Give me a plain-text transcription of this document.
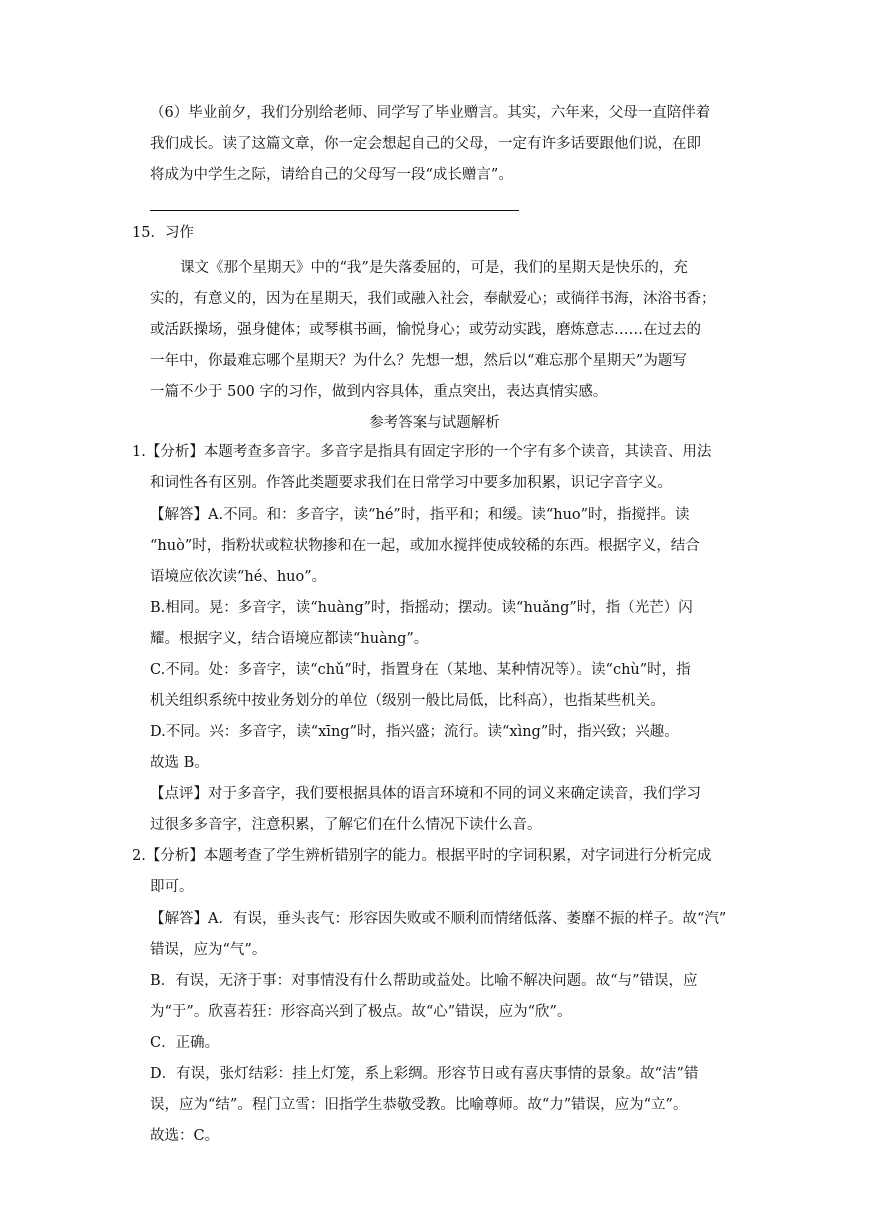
（6）毕业前夕，我们分别给老师、同学写了毕业赠言。其实，六年来，父母一直陪伴着
我们成长。读了这篇文章，你一定会想起自己的父母，一定有许多话要跟他们说，在即
将成为中学生之际，请给自己的父母写一段“成长赠言”。
15．习作
课文《那个星期天》中的“我”是失落委屈的，可是，我们的星期天是快乐的，充
实的，有意义的，因为在星期天，我们或融入社会，奉献爱心；或徜徉书海，沐浴书香；
或活跃操场，强身健体；或琴棋书画，愉悦身心；或劳动实践，磨炼意志……在过去的
一年中，你最难忘哪个星期天？为什么？先想一想，然后以“难忘那个星期天”为题写
一篇不少于 500 字的习作，做到内容具体，重点突出，表达真情实感。
参考答案与试题解析
1.【分析】本题考查多音字。多音字是指具有固定字形的一个字有多个读音，其读音、用法
和词性各有区别。作答此类题要求我们在日常学习中要多加积累，识记字音字义。
【解答】A.不同。和：多音字，读“hé”时，指平和；和缓。读“huo”时，指搅拌。读
“huò”时，指粉状或粒状物掺和在一起，或加水搅拌使成较稀的东西。根据字义，结合
语境应依次读“hé、huo”。
B.相同。晃：多音字，读“huàng”时，指摇动；摆动。读“huǎng”时，指（光芒）闪
耀。根据字义，结合语境应都读“huàng”。
C.不同。处：多音字，读“chǔ”时，指置身在（某地、某种情况等）。读“chù”时，指
机关组织系统中按业务划分的单位（级别一般比局低，比科高），也指某些机关。
D.不同。兴：多音字，读“xīng”时，指兴盛；流行。读“xìng”时，指兴致；兴趣。
故选 B。
【点评】对于多音字，我们要根据具体的语言环境和不同的词义来确定读音，我们学习
过很多多音字，注意积累，了解它们在什么情况下读什么音。
2.【分析】本题考查了学生辨析错别字的能力。根据平时的字词积累，对字词进行分析完成
即可。
【解答】A．有误，垂头丧气：形容因失败或不顺利而情绪低落、萎靡不振的样子。故“汽”
错误，应为“气”。
B．有误，无济于事：对事情没有什么帮助或益处。比喻不解决问题。故“与”错误，应
为“于”。欣喜若狂：形容高兴到了极点。故“心”错误，应为“欣”。
C．正确。
D．有误，张灯结彩：挂上灯笼，系上彩绸。形容节日或有喜庆事情的景象。故“洁”错
误，应为“结”。程门立雪：旧指学生恭敬受教。比喻尊师。故“力”错误，应为“立”。
故选：C。
